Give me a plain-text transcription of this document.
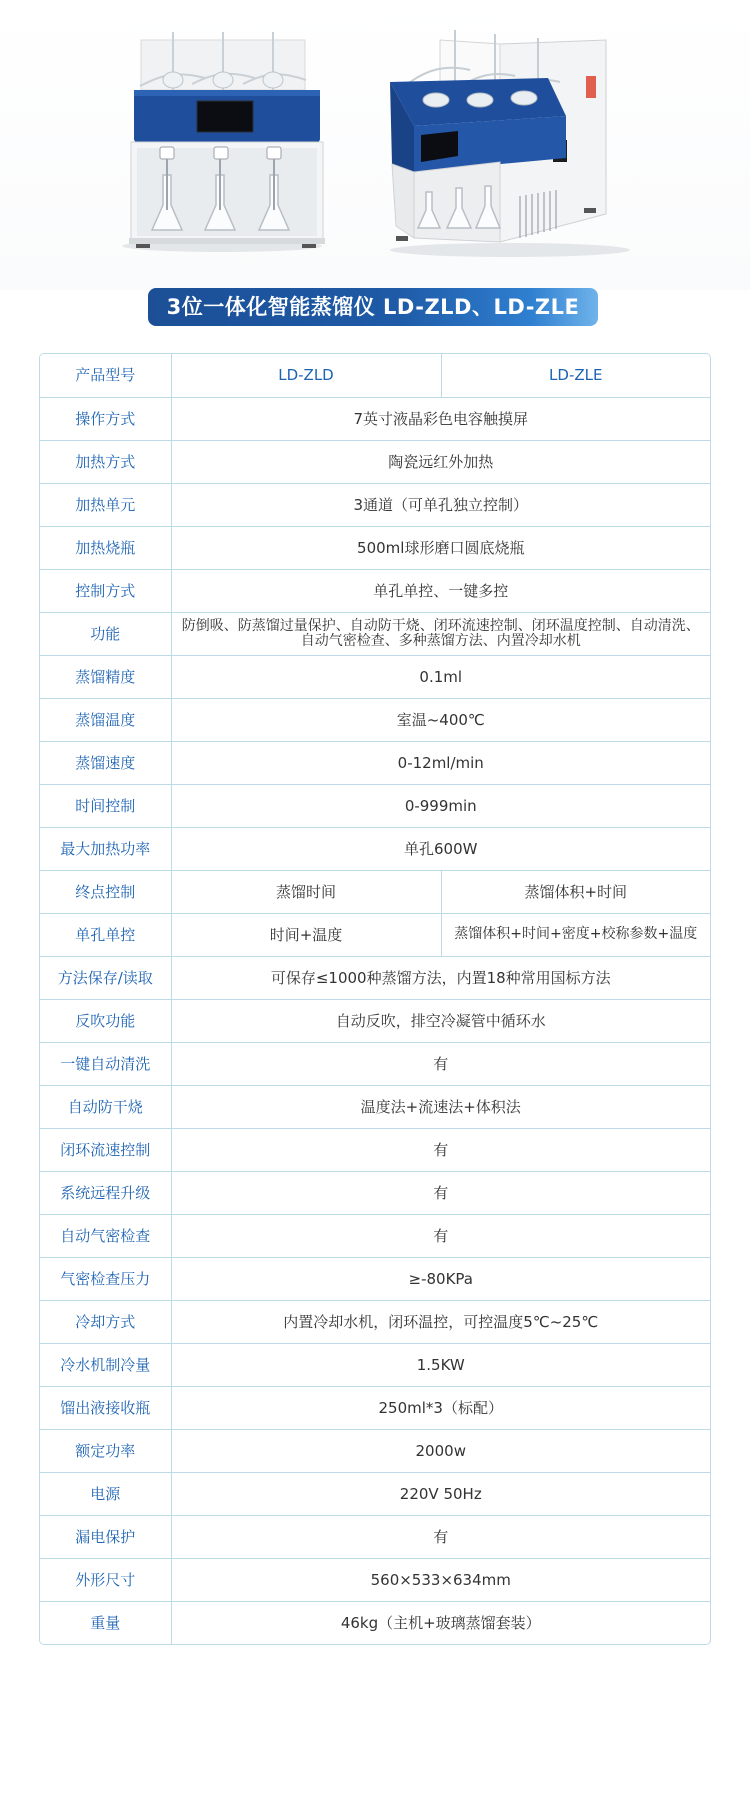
3位一体化智能蒸馏仪 LD-ZLD、LD-ZLE
产品型号	LD-ZLD	LD-ZLE
操作方式	7英寸液晶彩色电容触摸屏	
加热方式	陶瓷远红外加热	
加热单元	3通道（可单孔独立控制）	
加热烧瓶	500ml球形磨口圆底烧瓶	
控制方式	单孔单控、一键多控	
功能	防倒吸、防蒸馏过量保护、自动防干烧、闭环流速控制、闭环温度控制、自动清洗、自动气密检查、多种蒸馏方法、内置冷却水机	
蒸馏精度	0.1ml	
蒸馏温度	室温~400℃	
蒸馏速度	0-12ml/min	
时间控制	0-999min	
最大加热功率	单孔600W	
终点控制	蒸馏时间	蒸馏体积+时间
单孔单控	时间+温度	蒸馏体积+时间+密度+校称参数+温度
方法保存/读取	可保存≤1000种蒸馏方法，内置18种常用国标方法	
反吹功能	自动反吹，排空冷凝管中循环水	
一键自动清洗	有	
自动防干烧	温度法+流速法+体积法	
闭环流速控制	有	
系统远程升级	有	
自动气密检查	有	
气密检查压力	≥-80KPa	
冷却方式	内置冷却水机，闭环温控，可控温度5℃~25℃	
冷水机制冷量	1.5KW	
馏出液接收瓶	250ml*3（标配）	
额定功率	2000w	
电源	220V 50Hz	
漏电保护	有	
外形尺寸	560×533×634mm	
重量	46kg（主机+玻璃蒸馏套装）	
